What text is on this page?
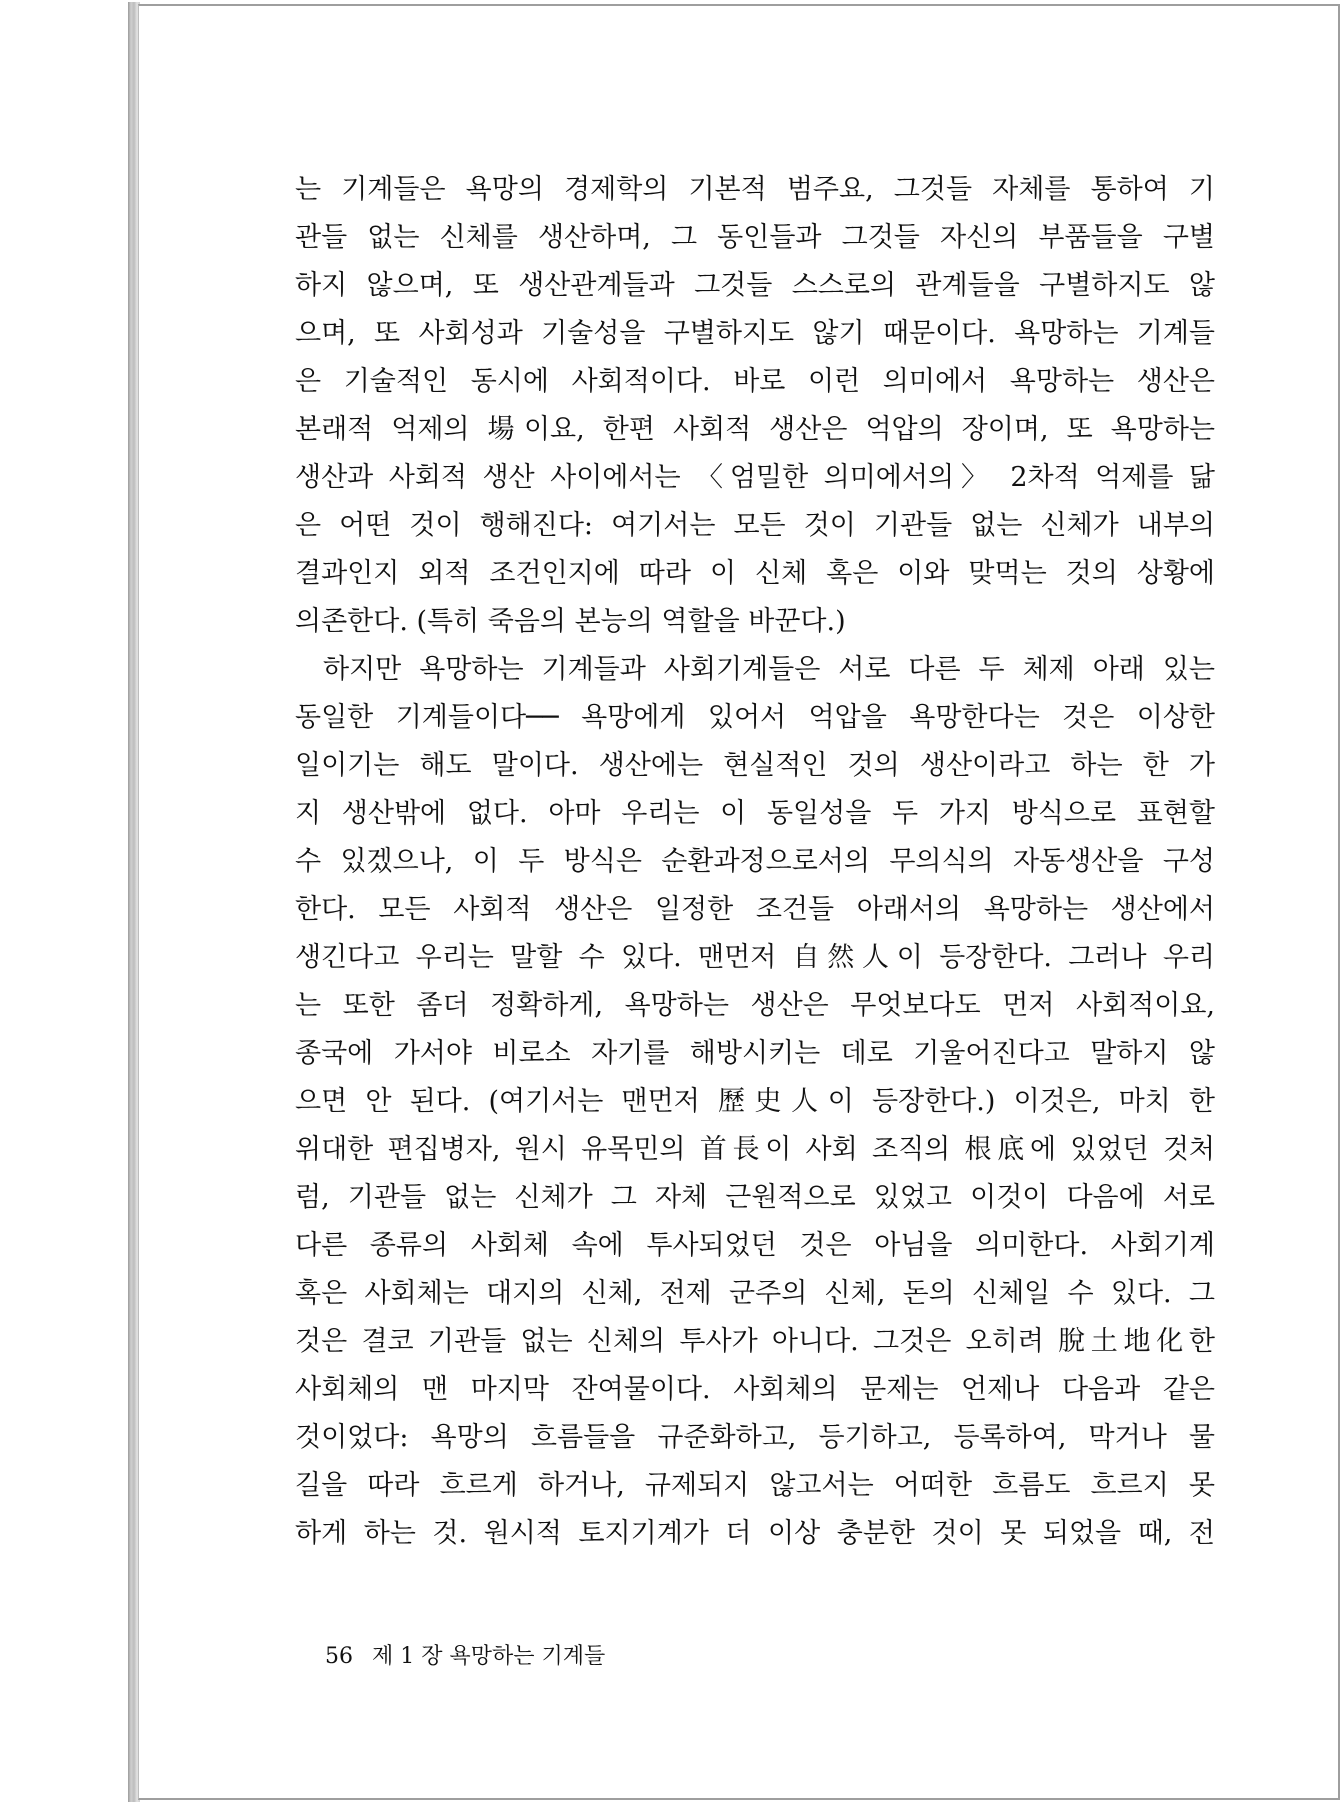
는 기계들은 욕망의 경제학의 기본적 범주요, 그것들 자체를 통하여 기
관들 없는 신체를 생산하며, 그 동인들과 그것들 자신의 부품들을 구별
하지 않으며, 또 생산관계들과 그것들 스스로의 관계들을 구별하지도 않
으며, 또 사회성과 기술성을 구별하지도 않기 때문이다. 욕망하는 기계들
은 기술적인 동시에 사회적이다. 바로 이런 의미에서 욕망하는 생산은
본래적 억제의 場이요, 한편 사회적 생산은 억압의 장이며, 또 욕망하는
생산과 사회적 생산 사이에서는 〈엄밀한 의미에서의〉 2차적 억제를 닮
은 어떤 것이 행해진다: 여기서는 모든 것이 기관들 없는 신체가 내부의
결과인지 외적 조건인지에 따라 이 신체 혹은 이와 맞먹는 것의 상황에
의존한다. (특히 죽음의 본능의 역할을 바꾼다.)
하지만 욕망하는 기계들과 사회기계들은 서로 다른 두 체제 아래 있는
동일한 기계들이다── 욕망에게 있어서 억압을 욕망한다는 것은 이상한
일이기는 해도 말이다. 생산에는 현실적인 것의 생산이라고 하는 한 가
지 생산밖에 없다. 아마 우리는 이 동일성을 두 가지 방식으로 표현할
수 있겠으나, 이 두 방식은 순환과정으로서의 무의식의 자동생산을 구성
한다. 모든 사회적 생산은 일정한 조건들 아래서의 욕망하는 생산에서
생긴다고 우리는 말할 수 있다. 맨먼저 自然人이 등장한다. 그러나 우리
는 또한 좀더 정확하게, 욕망하는 생산은 무엇보다도 먼저 사회적이요,
종국에 가서야 비로소 자기를 해방시키는 데로 기울어진다고 말하지 않
으면 안 된다. (여기서는 맨먼저 歷史人이 등장한다.) 이것은, 마치 한
위대한 편집병자, 원시 유목민의 首長이 사회 조직의 根底에 있었던 것처
럼, 기관들 없는 신체가 그 자체 근원적으로 있었고 이것이 다음에 서로
다른 종류의 사회체 속에 투사되었던 것은 아님을 의미한다. 사회기계
혹은 사회체는 대지의 신체, 전제 군주의 신체, 돈의 신체일 수 있다. 그
것은 결코 기관들 없는 신체의 투사가 아니다. 그것은 오히려 脫土地化한
사회체의 맨 마지막 잔여물이다. 사회체의 문제는 언제나 다음과 같은
것이었다: 욕망의 흐름들을 규준화하고, 등기하고, 등록하여, 막거나 물
길을 따라 흐르게 하거나, 규제되지 않고서는 어떠한 흐름도 흐르지 못
하게 하는 것. 원시적 토지기계가 더 이상 충분한 것이 못 되었을 때, 전
56 제 1 장 욕망하는 기계들
